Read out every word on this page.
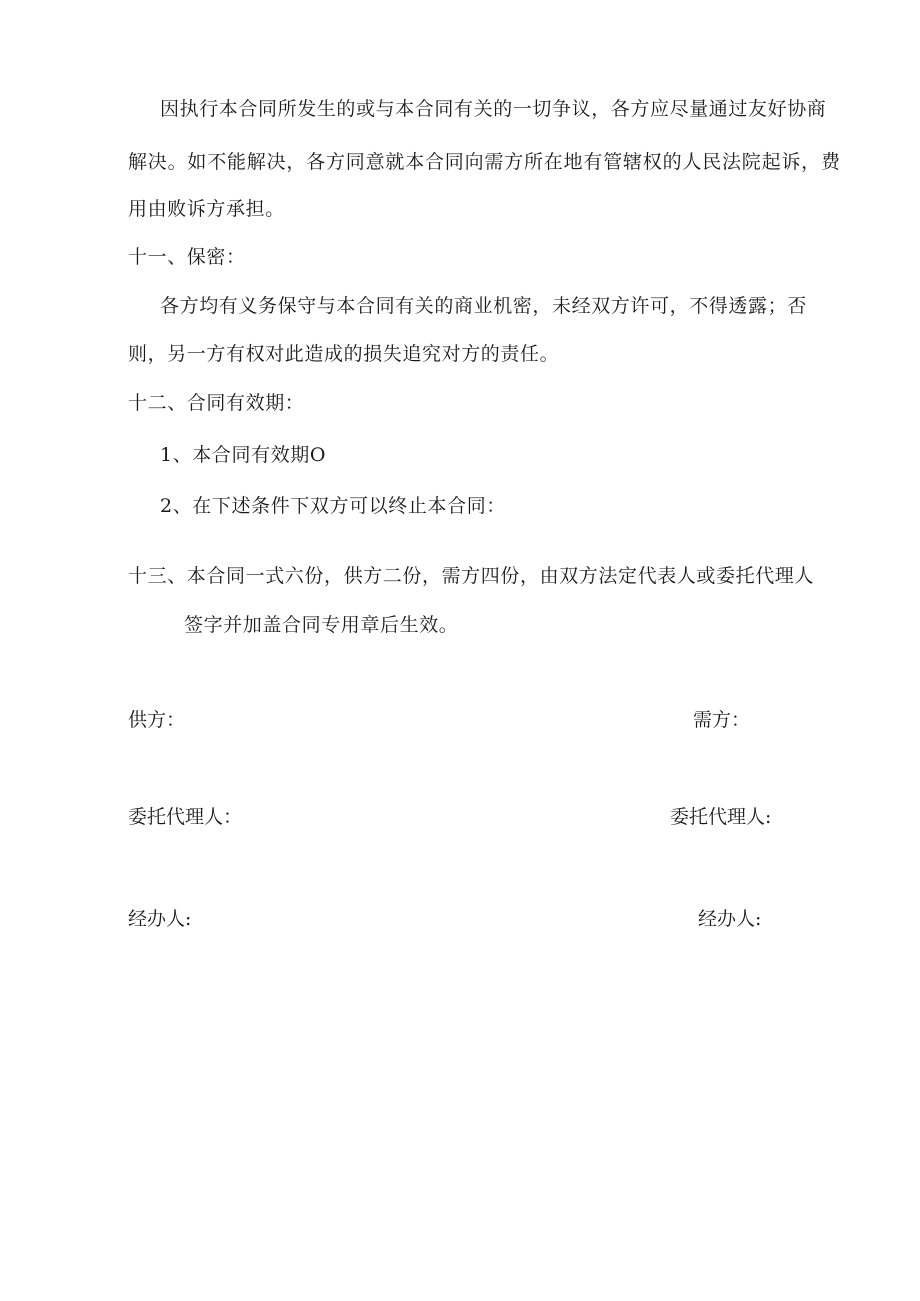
因执行本合同所发生的或与本合同有关的一切争议，各方应尽量通过友好协商
解决。如不能解决，各方同意就本合同向需方所在地有管辖权的人民法院起诉，费
用由败诉方承担。
十一、保密：
各方均有义务保守与本合同有关的商业机密，未经双方许可，不得透露；否
则，另一方有权对此造成的损失追究对方的责任。
十二、合同有效期：
1、本合同有效期O
2、在下述条件下双方可以终止本合同：
十三、本合同一式六份，供方二份，需方四份，由双方法定代表人或委托代理人
签字并加盖合同专用章后生效。
供方：	需方：
委托代理人：	委托代理人:
经办人:	经办人:
